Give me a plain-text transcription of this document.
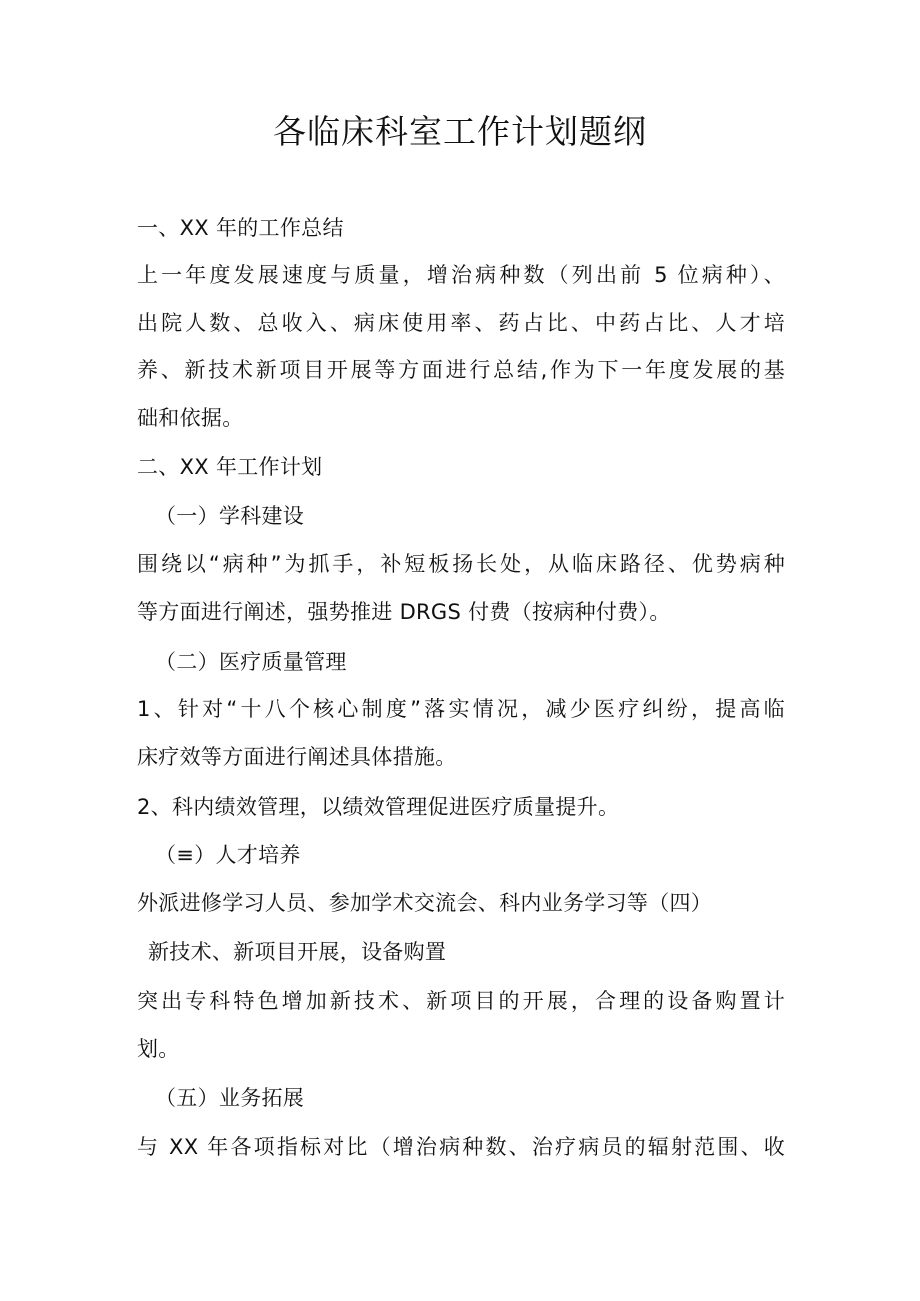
各临床科室工作计划题纲
一、XX 年的工作总结
上一年度发展速度与质量，增治病种数（列出前 5 位病种）、
出院人数、总收入、病床使用率、药占比、中药占比、人才培
养、新技术新项目开展等方面进行总结,作为下一年度发展的基
础和依据。
二、XX 年工作计划
（一）学科建设
围绕以“病种”为抓手，补短板扬长处，从临床路径、优势病种
等方面进行阐述，强势推进 DRGS 付费（按病种付费）。
（二）医疗质量管理
1、针对“十八个核心制度”落实情况，减少医疗纠纷，提高临
床疗效等方面进行阐述具体措施。
2、科内绩效管理，以绩效管理促进医疗质量提升。
（≡）人才培养
外派进修学习人员、参加学术交流会、科内业务学习等（四）
新技术、新项目开展，设备购置
突出专科特色增加新技术、新项目的开展，合理的设备购置计
划。
（五）业务拓展
与 XX 年各项指标对比（增治病种数、治疗病员的辐射范围、收
